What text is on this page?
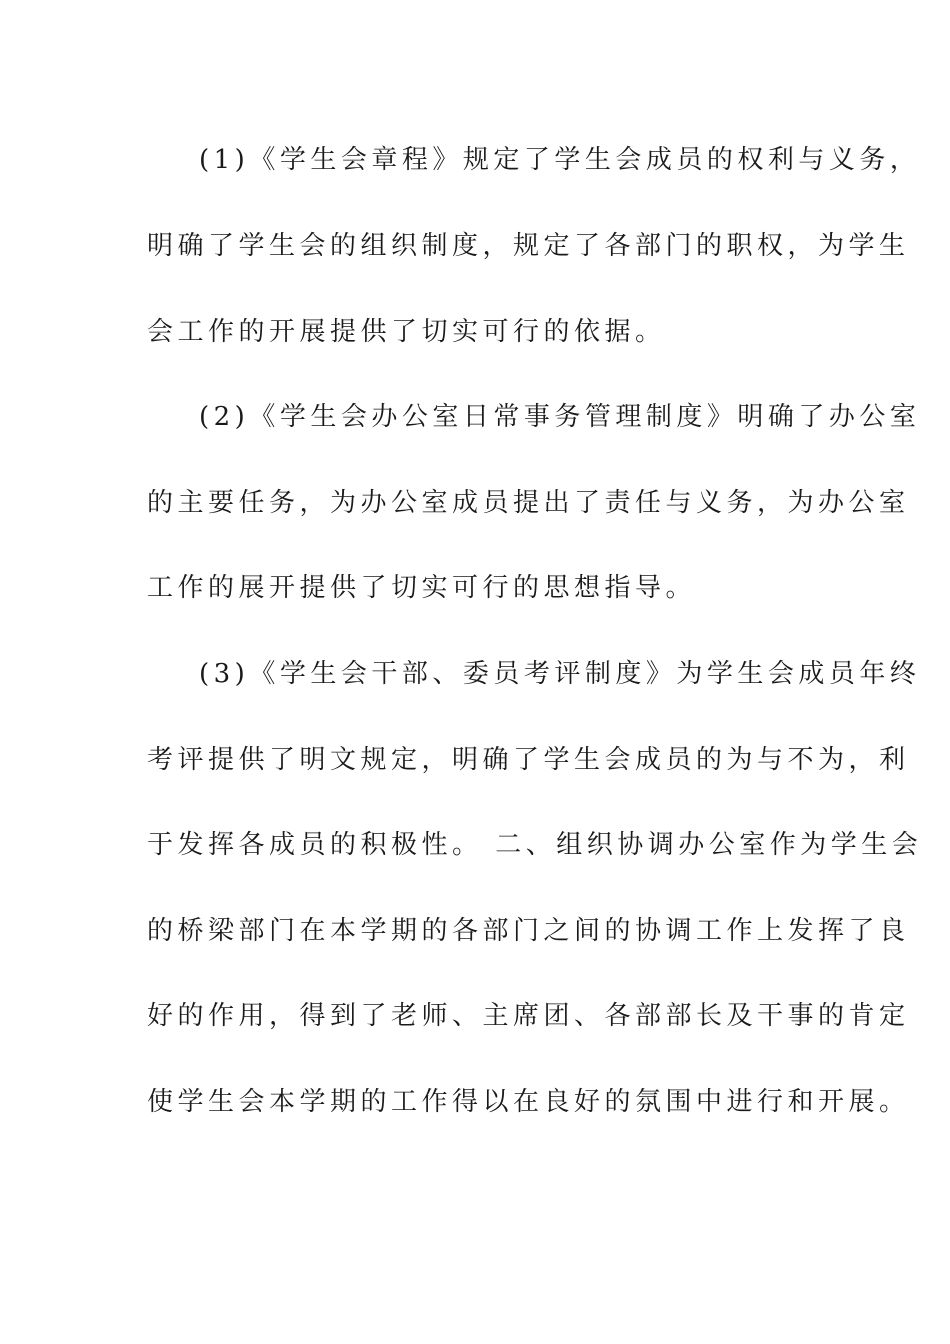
(1)《学生会章程》规定了学生会成员的权利与义务，
明确了学生会的组织制度，规定了各部门的职权，为学生
会工作的开展提供了切实可行的依据。
(2)《学生会办公室日常事务管理制度》明确了办公室
的主要任务，为办公室成员提出了责任与义务，为办公室
工作的展开提供了切实可行的思想指导。
(3)《学生会干部、委员考评制度》为学生会成员年终
考评提供了明文规定，明确了学生会成员的为与不为，利
于发挥各成员的积极性。 二、组织协调办公室作为学生会
的桥梁部门在本学期的各部门之间的协调工作上发挥了良
好的作用，得到了老师、主席团、各部部长及干事的肯定
使学生会本学期的工作得以在良好的氛围中进行和开展。
